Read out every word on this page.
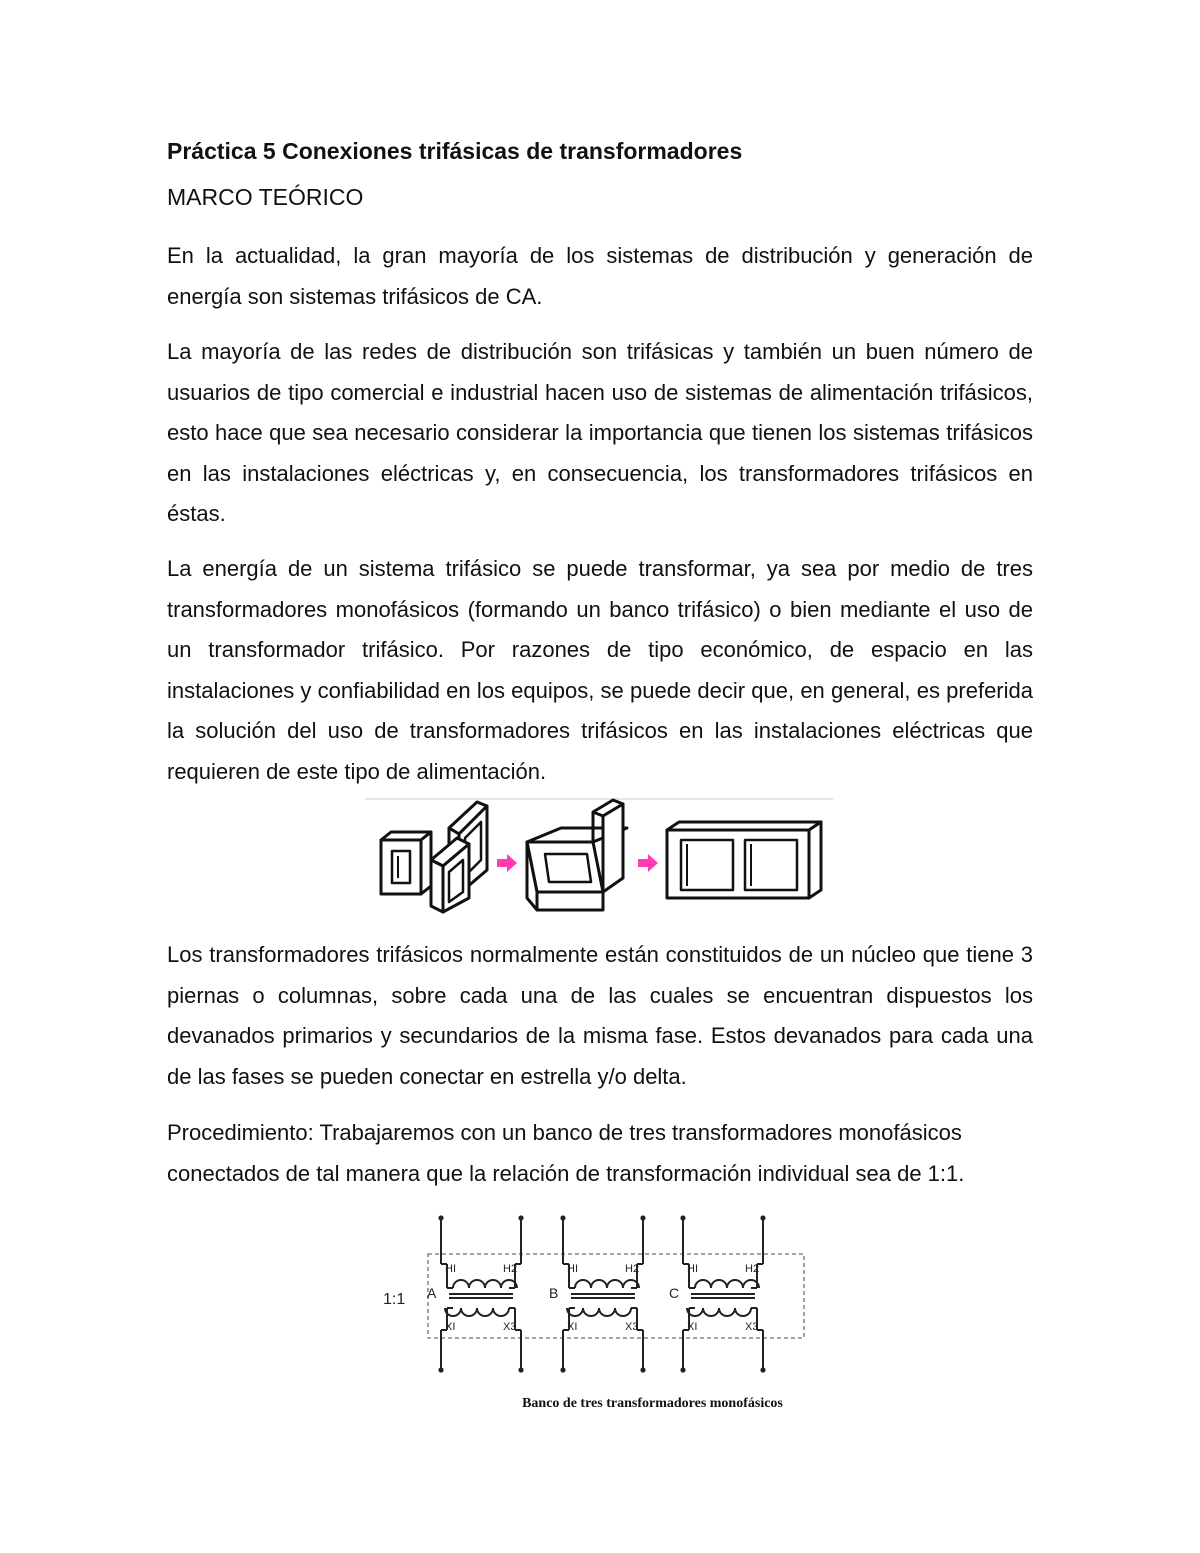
Práctica 5 Conexiones trifásicas de transformadores
MARCO TEÓRICO

En la actualidad, la gran mayoría de los sistemas de distribución y generación de energía son sistemas trifásicos de CA.

La mayoría de las redes de distribución son trifásicas y también un buen número de usuarios de tipo comercial e industrial hacen uso de sistemas de alimentación trifásicos, esto hace que sea necesario considerar la importancia que tienen los sistemas trifásicos en las instalaciones eléctricas y, en consecuencia, los transformadores trifásicos en éstas.

La energía de un sistema trifásico se puede transformar, ya sea por medio de tres transformadores monofásicos (formando un banco trifásico) o bien mediante el uso de un transformador trifásico. Por razones de tipo económico, de espacio en las instalaciones y confiabilidad en los equipos, se puede decir que, en general, es preferida la solución del uso de transformadores trifásicos en las instalaciones eléctricas que requieren de este tipo de alimentación.

Los transformadores trifásicos normalmente están constituidos de un núcleo que tiene 3 piernas o columnas, sobre cada una de las cuales se encuentran dispuestos los devanados primarios y secundarios de la misma fase. Estos devanados para cada una de las fases se pueden conectar en estrella y/o delta.

Procedimiento: Trabajaremos con un banco de tres transformadores monofásicos conectados de tal manera que la relación de transformación individual sea de 1:1.

1:1
HI	H2
XI	X3
A
HI	H2
XI	X3
B
HI	H2
XI	X3
C

Banco de tres transformadores monofásicos
